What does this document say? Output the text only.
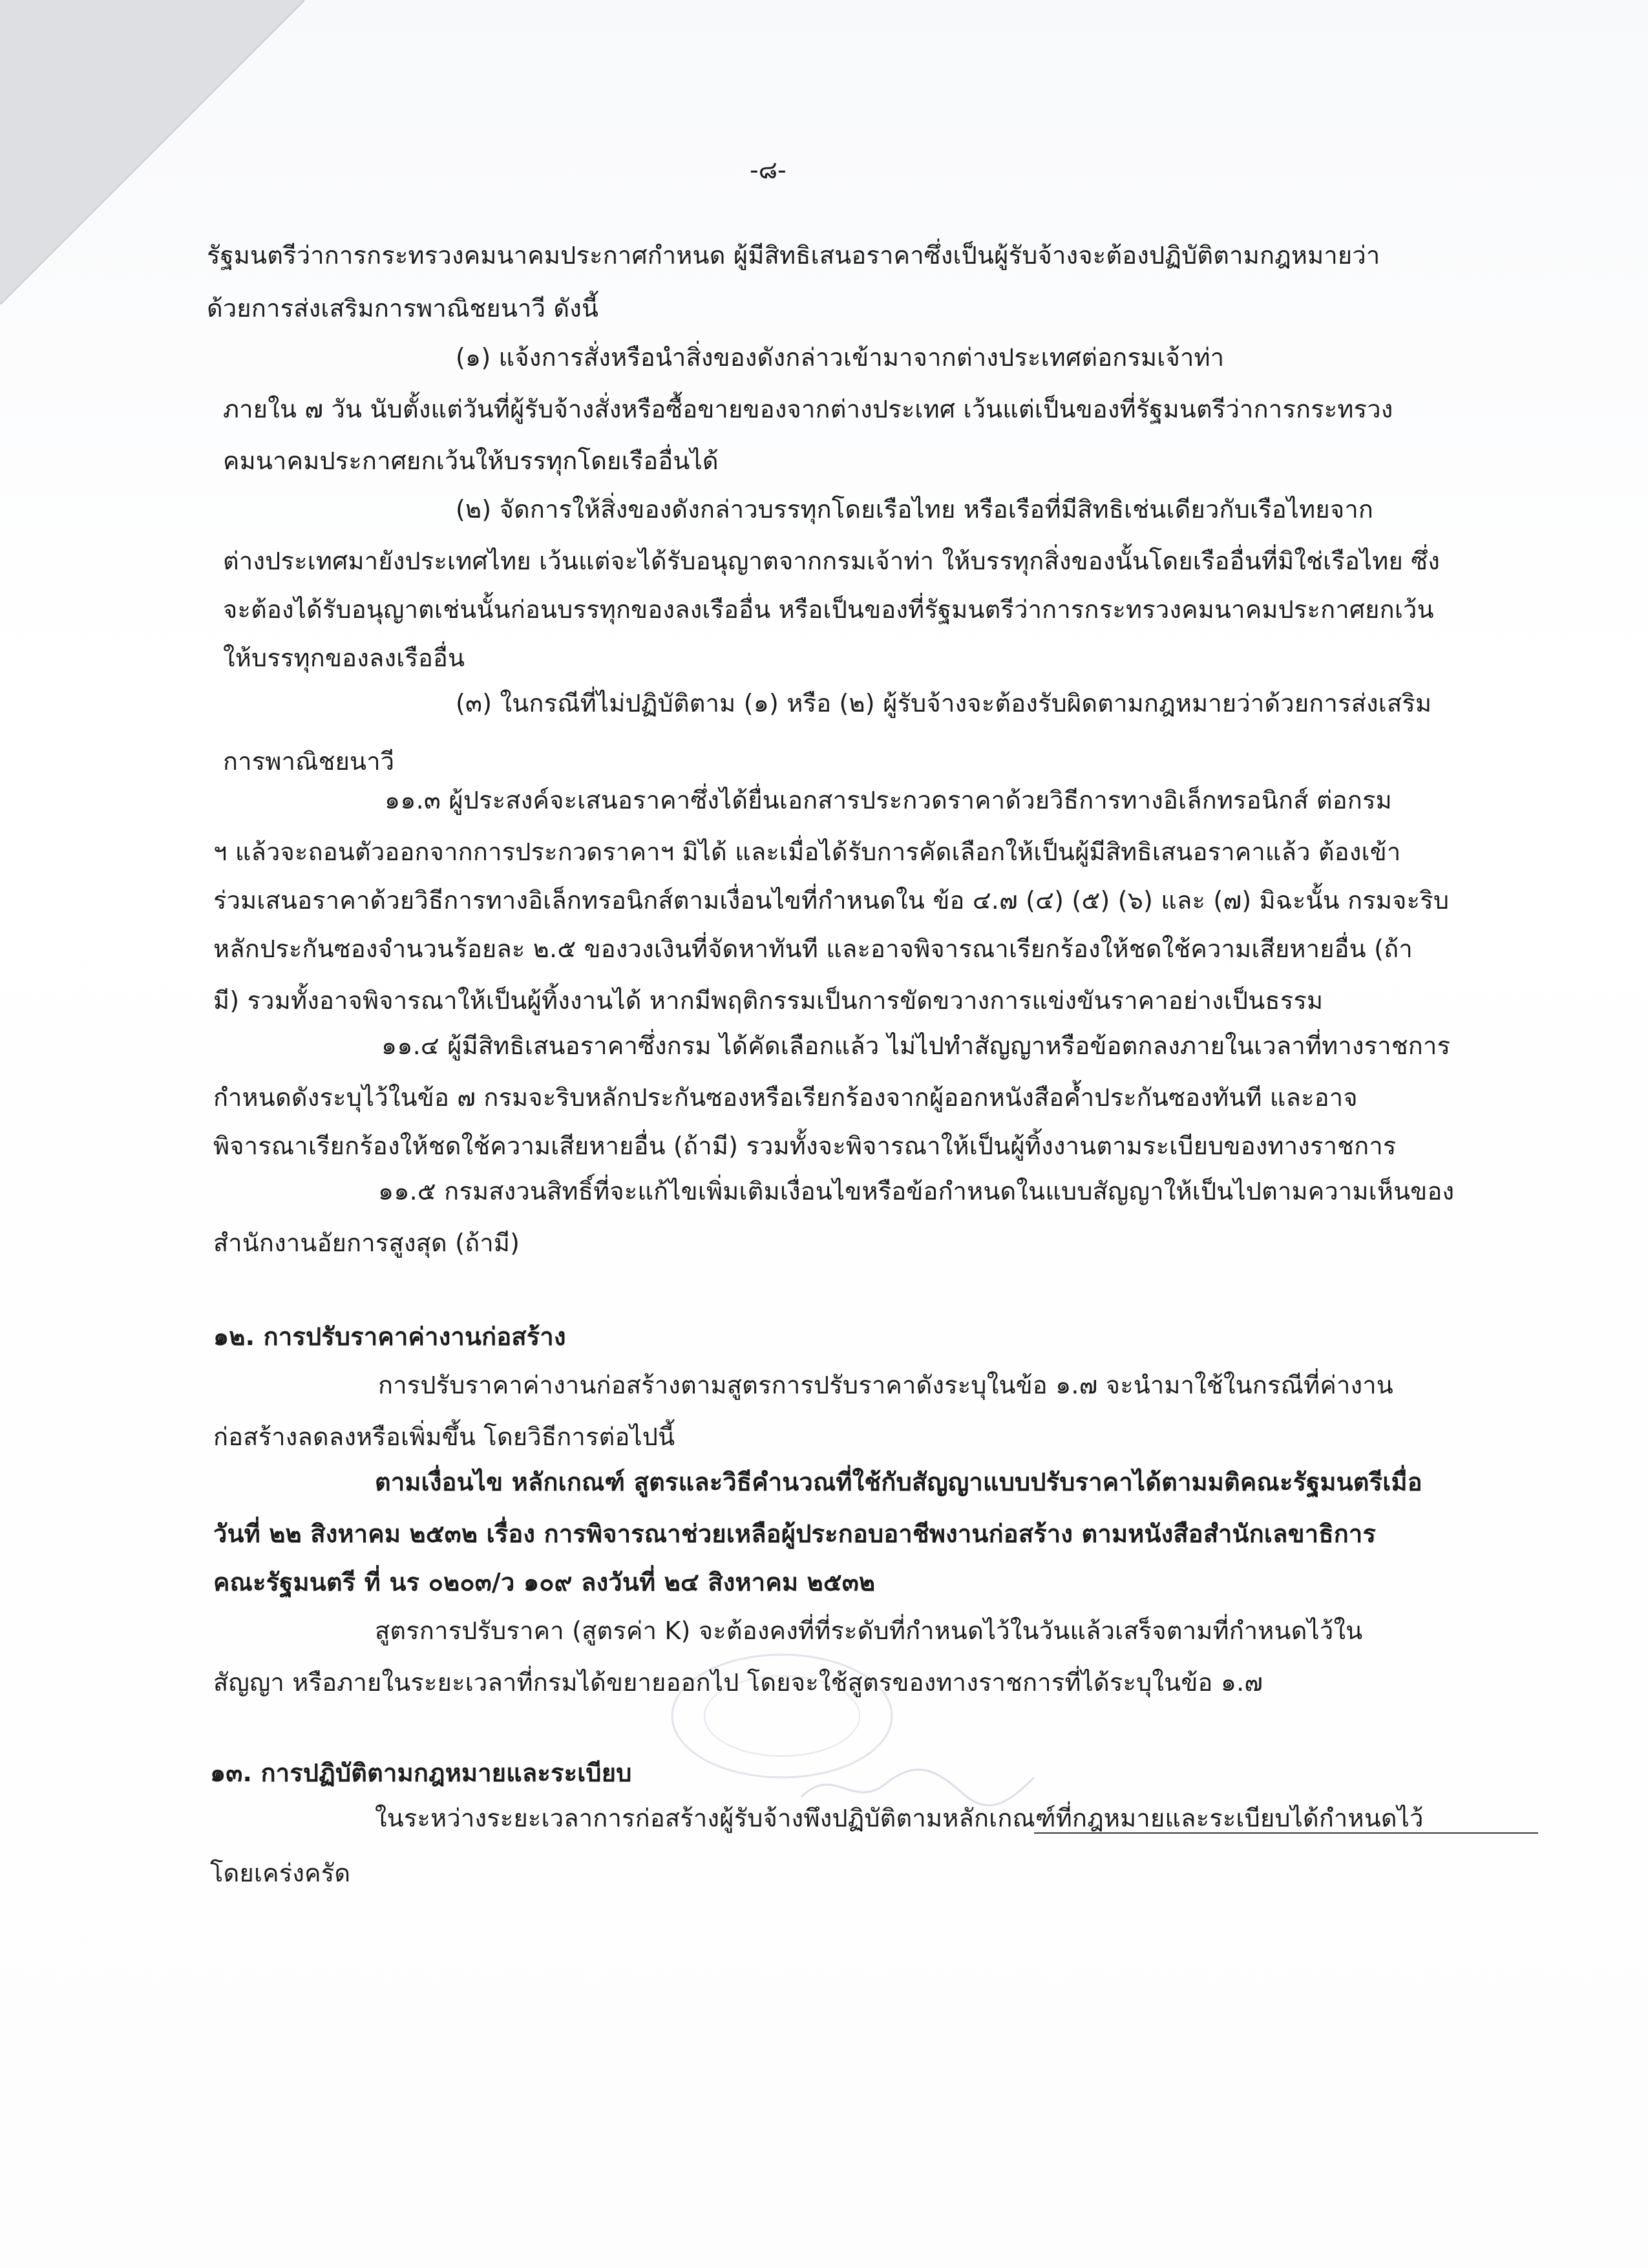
-๘-
รัฐมนตรีว่าการกระทรวงคมนาคมประกาศกำหนด ผู้มีสิทธิเสนอราคาซึ่งเป็นผู้รับจ้างจะต้องปฏิบัติตามกฎหมายว่า
ด้วยการส่งเสริมการพาณิชยนาวี ดังนี้
(๑) แจ้งการสั่งหรือนำสิ่งของดังกล่าวเข้ามาจากต่างประเทศต่อกรมเจ้าท่า
ภายใน ๗ วัน นับตั้งแต่วันที่ผู้รับจ้างสั่งหรือซื้อขายของจากต่างประเทศ เว้นแต่เป็นของที่รัฐมนตรีว่าการกระทรวง
คมนาคมประกาศยกเว้นให้บรรทุกโดยเรืออื่นได้
(๒) จัดการให้สิ่งของดังกล่าวบรรทุกโดยเรือไทย หรือเรือที่มีสิทธิเช่นเดียวกับเรือไทยจาก
ต่างประเทศมายังประเทศไทย เว้นแต่จะได้รับอนุญาตจากกรมเจ้าท่า ให้บรรทุกสิ่งของนั้นโดยเรืออื่นที่มิใช่เรือไทย ซึ่ง
จะต้องได้รับอนุญาตเช่นนั้นก่อนบรรทุกของลงเรืออื่น หรือเป็นของที่รัฐมนตรีว่าการกระทรวงคมนาคมประกาศยกเว้น
ให้บรรทุกของลงเรืออื่น
(๓) ในกรณีที่ไม่ปฏิบัติตาม (๑) หรือ (๒) ผู้รับจ้างจะต้องรับผิดตามกฎหมายว่าด้วยการส่งเสริม
การพาณิชยนาวี
๑๑.๓ ผู้ประสงค์จะเสนอราคาซึ่งได้ยื่นเอกสารประกวดราคาด้วยวิธีการทางอิเล็กทรอนิกส์ ต่อกรม
ฯ แล้วจะถอนตัวออกจากการประกวดราคาฯ มิได้ และเมื่อได้รับการคัดเลือกให้เป็นผู้มีสิทธิเสนอราคาแล้ว ต้องเข้า
ร่วมเสนอราคาด้วยวิธีการทางอิเล็กทรอนิกส์ตามเงื่อนไขที่กำหนดใน ข้อ ๔.๗ (๔) (๕) (๖) และ (๗) มิฉะนั้น กรมจะริบ
หลักประกันซองจำนวนร้อยละ ๒.๕ ของวงเงินที่จัดหาทันที และอาจพิจารณาเรียกร้องให้ชดใช้ความเสียหายอื่น (ถ้า
มี) รวมทั้งอาจพิจารณาให้เป็นผู้ทิ้งงานได้ หากมีพฤติกรรมเป็นการขัดขวางการแข่งขันราคาอย่างเป็นธรรม
๑๑.๔ ผู้มีสิทธิเสนอราคาซึ่งกรม ได้คัดเลือกแล้ว ไม่ไปทำสัญญาหรือข้อตกลงภายในเวลาที่ทางราชการ
กำหนดดังระบุไว้ในข้อ ๗ กรมจะริบหลักประกันซองหรือเรียกร้องจากผู้ออกหนังสือค้ำประกันซองทันที และอาจ
พิจารณาเรียกร้องให้ชดใช้ความเสียหายอื่น (ถ้ามี) รวมทั้งจะพิจารณาให้เป็นผู้ทิ้งงานตามระเบียบของทางราชการ
๑๑.๕ กรมสงวนสิทธิ์ที่จะแก้ไขเพิ่มเติมเงื่อนไขหรือข้อกำหนดในแบบสัญญาให้เป็นไปตามความเห็นของ
สำนักงานอัยการสูงสุด (ถ้ามี)
๑๒. การปรับราคาค่างานก่อสร้าง
การปรับราคาค่างานก่อสร้างตามสูตรการปรับราคาดังระบุในข้อ ๑.๗ จะนำมาใช้ในกรณีที่ค่างาน
ก่อสร้างลดลงหรือเพิ่มขึ้น โดยวิธีการต่อไปนี้
ตามเงื่อนไข หลักเกณฑ์ สูตรและวิธีคำนวณที่ใช้กับสัญญาแบบปรับราคาได้ตามมติคณะรัฐมนตรีเมื่อ
วันที่ ๒๒ สิงหาคม ๒๕๓๒ เรื่อง การพิจารณาช่วยเหลือผู้ประกอบอาชีพงานก่อสร้าง ตามหนังสือสำนักเลขาธิการ
คณะรัฐมนตรี ที่ นร ๐๒๐๓/ว ๑๐๙ ลงวันที่ ๒๔ สิงหาคม ๒๕๓๒
สูตรการปรับราคา (สูตรค่า K) จะต้องคงที่ที่ระดับที่กำหนดไว้ในวันแล้วเสร็จตามที่กำหนดไว้ใน
สัญญา หรือภายในระยะเวลาที่กรมได้ขยายออกไป โดยจะใช้สูตรของทางราชการที่ได้ระบุในข้อ ๑.๗
๑๓. การปฏิบัติตามกฎหมายและระเบียบ
ในระหว่างระยะเวลาการก่อสร้างผู้รับจ้างพึงปฏิบัติตามหลักเกณฑ์ที่กฎหมายและระเบียบได้กำหนดไว้
โดยเคร่งครัด
